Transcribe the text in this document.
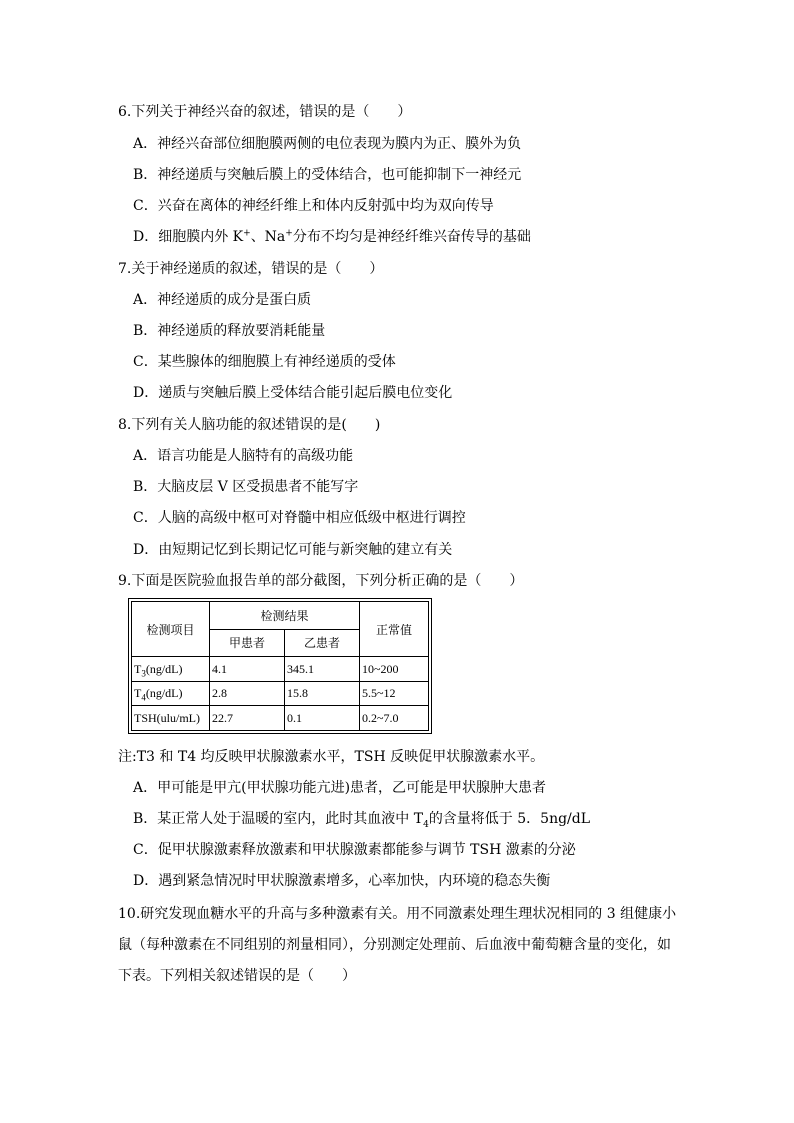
6.下列关于神经兴奋的叙述，错误的是（　　）
A．神经兴奋部位细胞膜两侧的电位表现为膜内为正、膜外为负
B．神经递质与突触后膜上的受体结合，也可能抑制下一神经元
C．兴奋在离体的神经纤维上和体内反射弧中均为双向传导
D．细胞膜内外 K+、Na+分布不均匀是神经纤维兴奋传导的基础
7.关于神经递质的叙述，错误的是（　　）
A．神经递质的成分是蛋白质
B．神经递质的释放要消耗能量
C．某些腺体的细胞膜上有神经递质的受体
D．递质与突触后膜上受体结合能引起后膜电位变化
8.下列有关人脑功能的叙述错误的是(　　)
A．语言功能是人脑特有的高级功能
B．大脑皮层 V 区受损患者不能写字
C．人脑的高级中枢可对脊髓中相应低级中枢进行调控
D．由短期记忆到长期记忆可能与新突触的建立有关
9.下面是医院验血报告单的部分截图，下列分析正确的是（　　）
检测项目	检测结果		正常值
	甲患者	乙患者	
$T_3(ng/dL)$	4.1	345.1	10~200
$T_4(ng/dL)$	2.8	15.8	5.5~12
TSH(ulu/mL)	22.7	0.1	0.2~7.0
注:T3 和 T4 均反映甲状腺激素水平，TSH 反映促甲状腺激素水平。
A．甲可能是甲亢(甲状腺功能亢进)患者，乙可能是甲状腺肿大患者
B．某正常人处于温暖的室内，此时其血液中 $T_4$的含量将低于 5．5ng/dL
C．促甲状腺激素释放激素和甲状腺激素都能参与调节 TSH 激素的分泌
D．遇到紧急情况时甲状腺激素增多，心率加快，内环境的稳态失衡
10.研究发现血糖水平的升高与多种激素有关。用不同激素处理生理状况相同的 3 组健康小
鼠（每种激素在不同组别的剂量相同），分别测定处理前、后血液中葡萄糖含量的变化，如
下表。下列相关叙述错误的是（　　）
